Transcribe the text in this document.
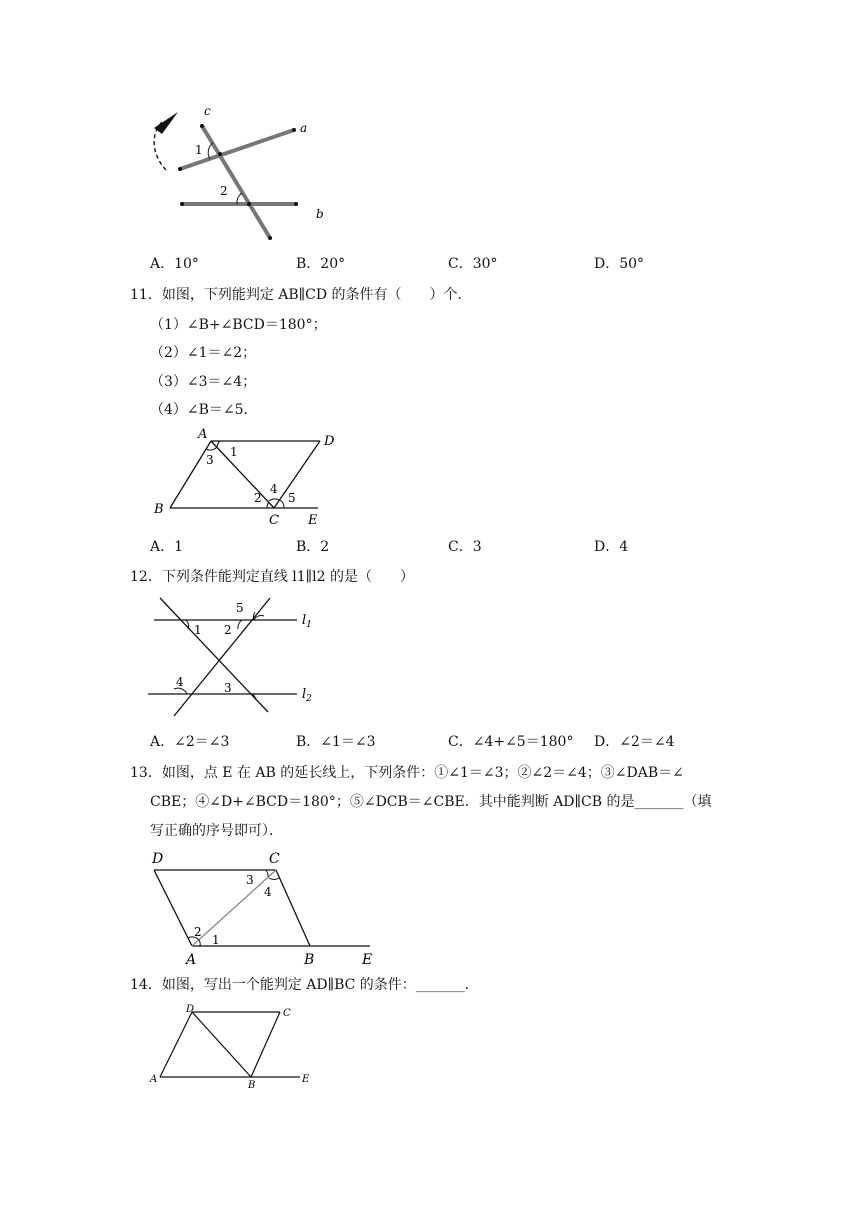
c
a
b
1
2
A．10°	B．20°	C．30°	D．50°
11．如图，下列能判定 AB∥CD 的条件有（　　）个．
（1）∠B+∠BCD＝180°；
（2）∠1＝∠2；
（3）∠3＝∠4；
（4）∠B＝∠5．
A	D
B
C E
1
2
3
4
5
A．1	B．2	C．3	D．4
12．下列条件能判定直线 l1∥l2 的是（　　）
$l_1$
$l_2$
1 2
3
4
5
A．∠2＝∠3	B．∠1＝∠3	C．∠4+∠5＝180° D．∠2＝∠4
13．如图，点 E 在 AB 的延长线上，下列条件：①∠1＝∠3；②∠2＝∠4；③∠DAB＝∠
CBE；④∠D+∠BCD＝180°；⑤∠DCB＝∠CBE．其中能判断 AD∥CB 的是_______（填
写正确的序号即可）．
D	C
A	B	E
1
2
3
4
14．如图，写出一个能判定 AD∥BC 的条件：_______．
D	C
A
B
E
